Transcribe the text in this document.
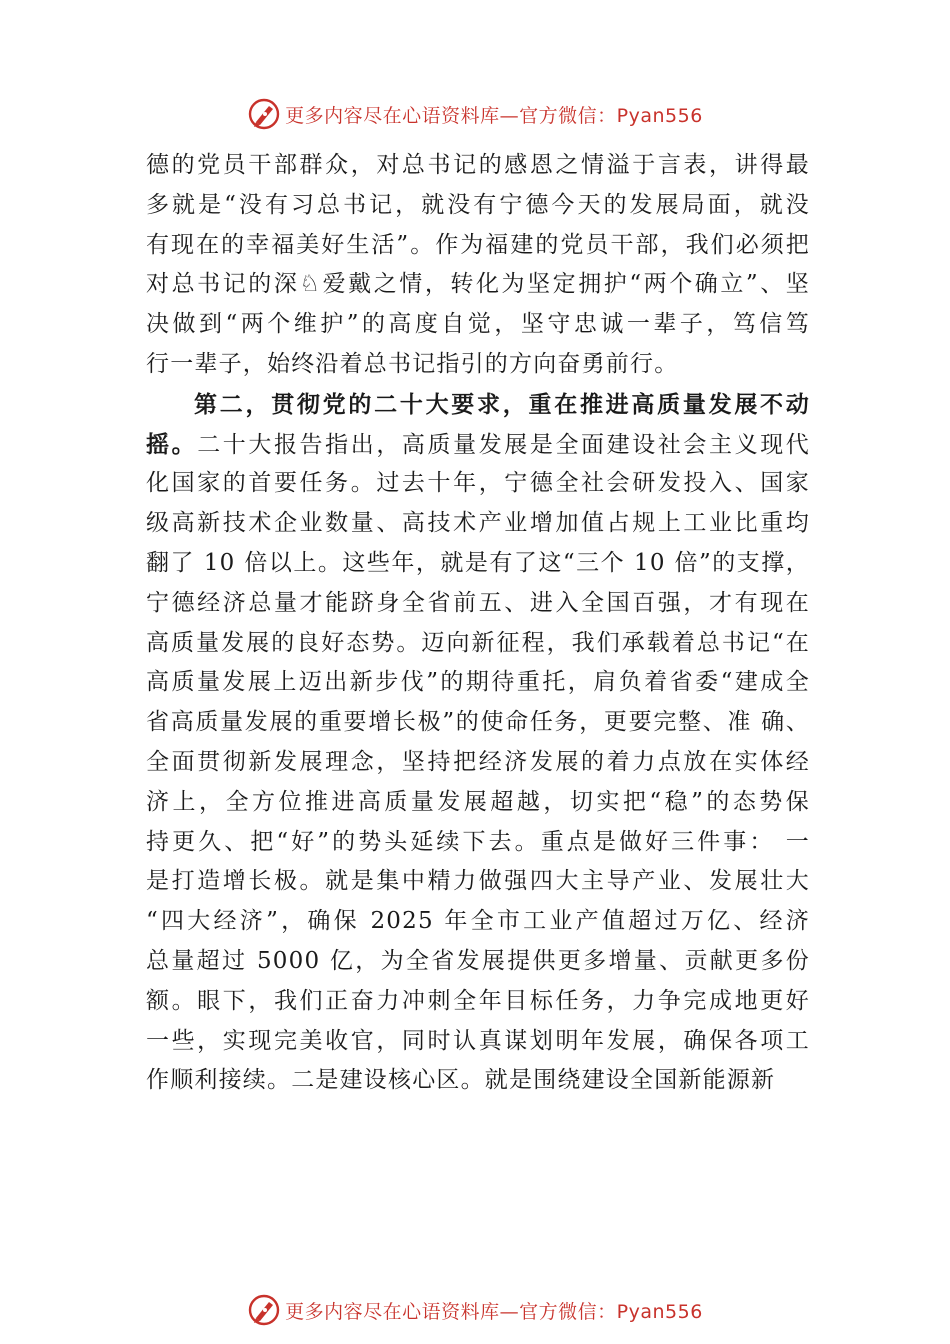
更多内容尽在心语资料库—官方微信：Pyan556
德的党员干部群众，对总书记的感恩之情溢于言表，讲得最
多就是“没有习总书记，就没有宁德今天的发展局面，就没
有现在的幸福美好生活”。作为福建的党员干部，我们必须把
对总书记的深♘爱戴之情，转化为坚定拥护“两个确立”、坚
决做到“两个维护”的高度自觉，坚守忠诚一辈子，笃信笃
行一辈子，始终沿着总书记指引的方向奋勇前行。
第二，贯彻党的二十大要求，重在推进高质量发展不动
摇。二十大报告指出，高质量发展是全面建设社会主义现代
化国家的首要任务。过去十年，宁德全社会研发投入、国家
级高新技术企业数量、高技术产业增加值占规上工业比重均
翻了 10 倍以上。这些年，就是有了这“三个 10 倍”的支撑，
宁德经济总量才能跻身全省前五、进入全国百强，才有现在
高质量发展的良好态势。迈向新征程，我们承载着总书记“在
高质量发展上迈出新步伐”的期待重托，肩负着省委“建成全
省高质量发展的重要增长极”的使命任务，更要完整、准 确、
全面贯彻新发展理念，坚持把经济发展的着力点放在实体经
济上，全方位推进高质量发展超越，切实把“稳”的态势保
持更久、把“好”的势头延续下去。重点是做好三件事： 一
是打造增长极。就是集中精力做强四大主导产业、发展壮大
“四大经济”，确保 2025 年全市工业产值超过万亿、经济
总量超过 5000 亿，为全省发展提供更多增量、贡献更多份
额。眼下，我们正奋力冲刺全年目标任务，力争完成地更好
一些，实现完美收官，同时认真谋划明年发展，确保各项工
作顺利接续。二是建设核心区。就是围绕建设全国新能源新
更多内容尽在心语资料库—官方微信：Pyan556
